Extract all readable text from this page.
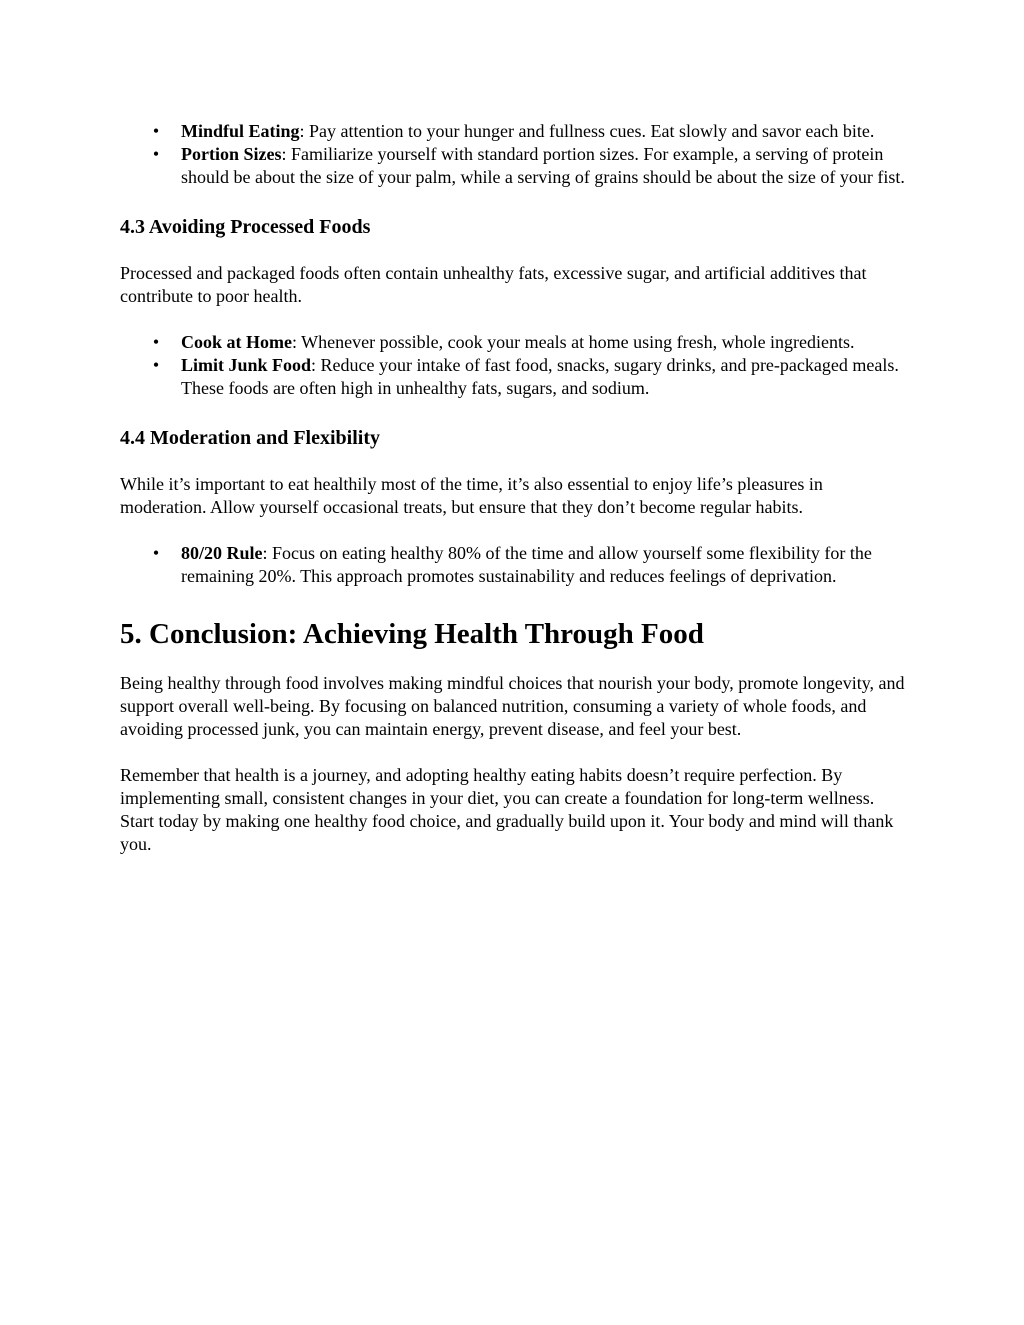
•
Mindful Eating: Pay attention to your hunger and fullness cues. Eat slowly and savor each bite.
•
Portion Sizes: Familiarize yourself with standard portion sizes. For example, a serving of protein should be about the size of your palm, while a serving of grains should be about the size of your fist.
4.3 Avoiding Processed Foods

Processed and packaged foods often contain unhealthy fats, excessive sugar, and artificial additives that contribute to poor health.

•
Cook at Home: Whenever possible, cook your meals at home using fresh, whole ingredients.
•
Limit Junk Food: Reduce your intake of fast food, snacks, sugary drinks, and pre-packaged meals. These foods are often high in unhealthy fats, sugars, and sodium.
4.4 Moderation and Flexibility

While it’s important to eat healthily most of the time, it’s also essential to enjoy life’s pleasures in moderation. Allow yourself occasional treats, but ensure that they don’t become regular habits.

•
80/20 Rule: Focus on eating healthy 80% of the time and allow yourself some flexibility for the remaining 20%. This approach promotes sustainability and reduces feelings of deprivation.
5. Conclusion: Achieving Health Through Food

Being healthy through food involves making mindful choices that nourish your body, promote longevity, and support overall well-being. By focusing on balanced nutrition, consuming a variety of whole foods, and avoiding processed junk, you can maintain energy, prevent disease, and feel your best.

Remember that health is a journey, and adopting healthy eating habits doesn’t require perfection. By implementing small, consistent changes in your diet, you can create a foundation for long-term wellness. Start today by making one healthy food choice, and gradually build upon it. Your body and mind will thank you.
